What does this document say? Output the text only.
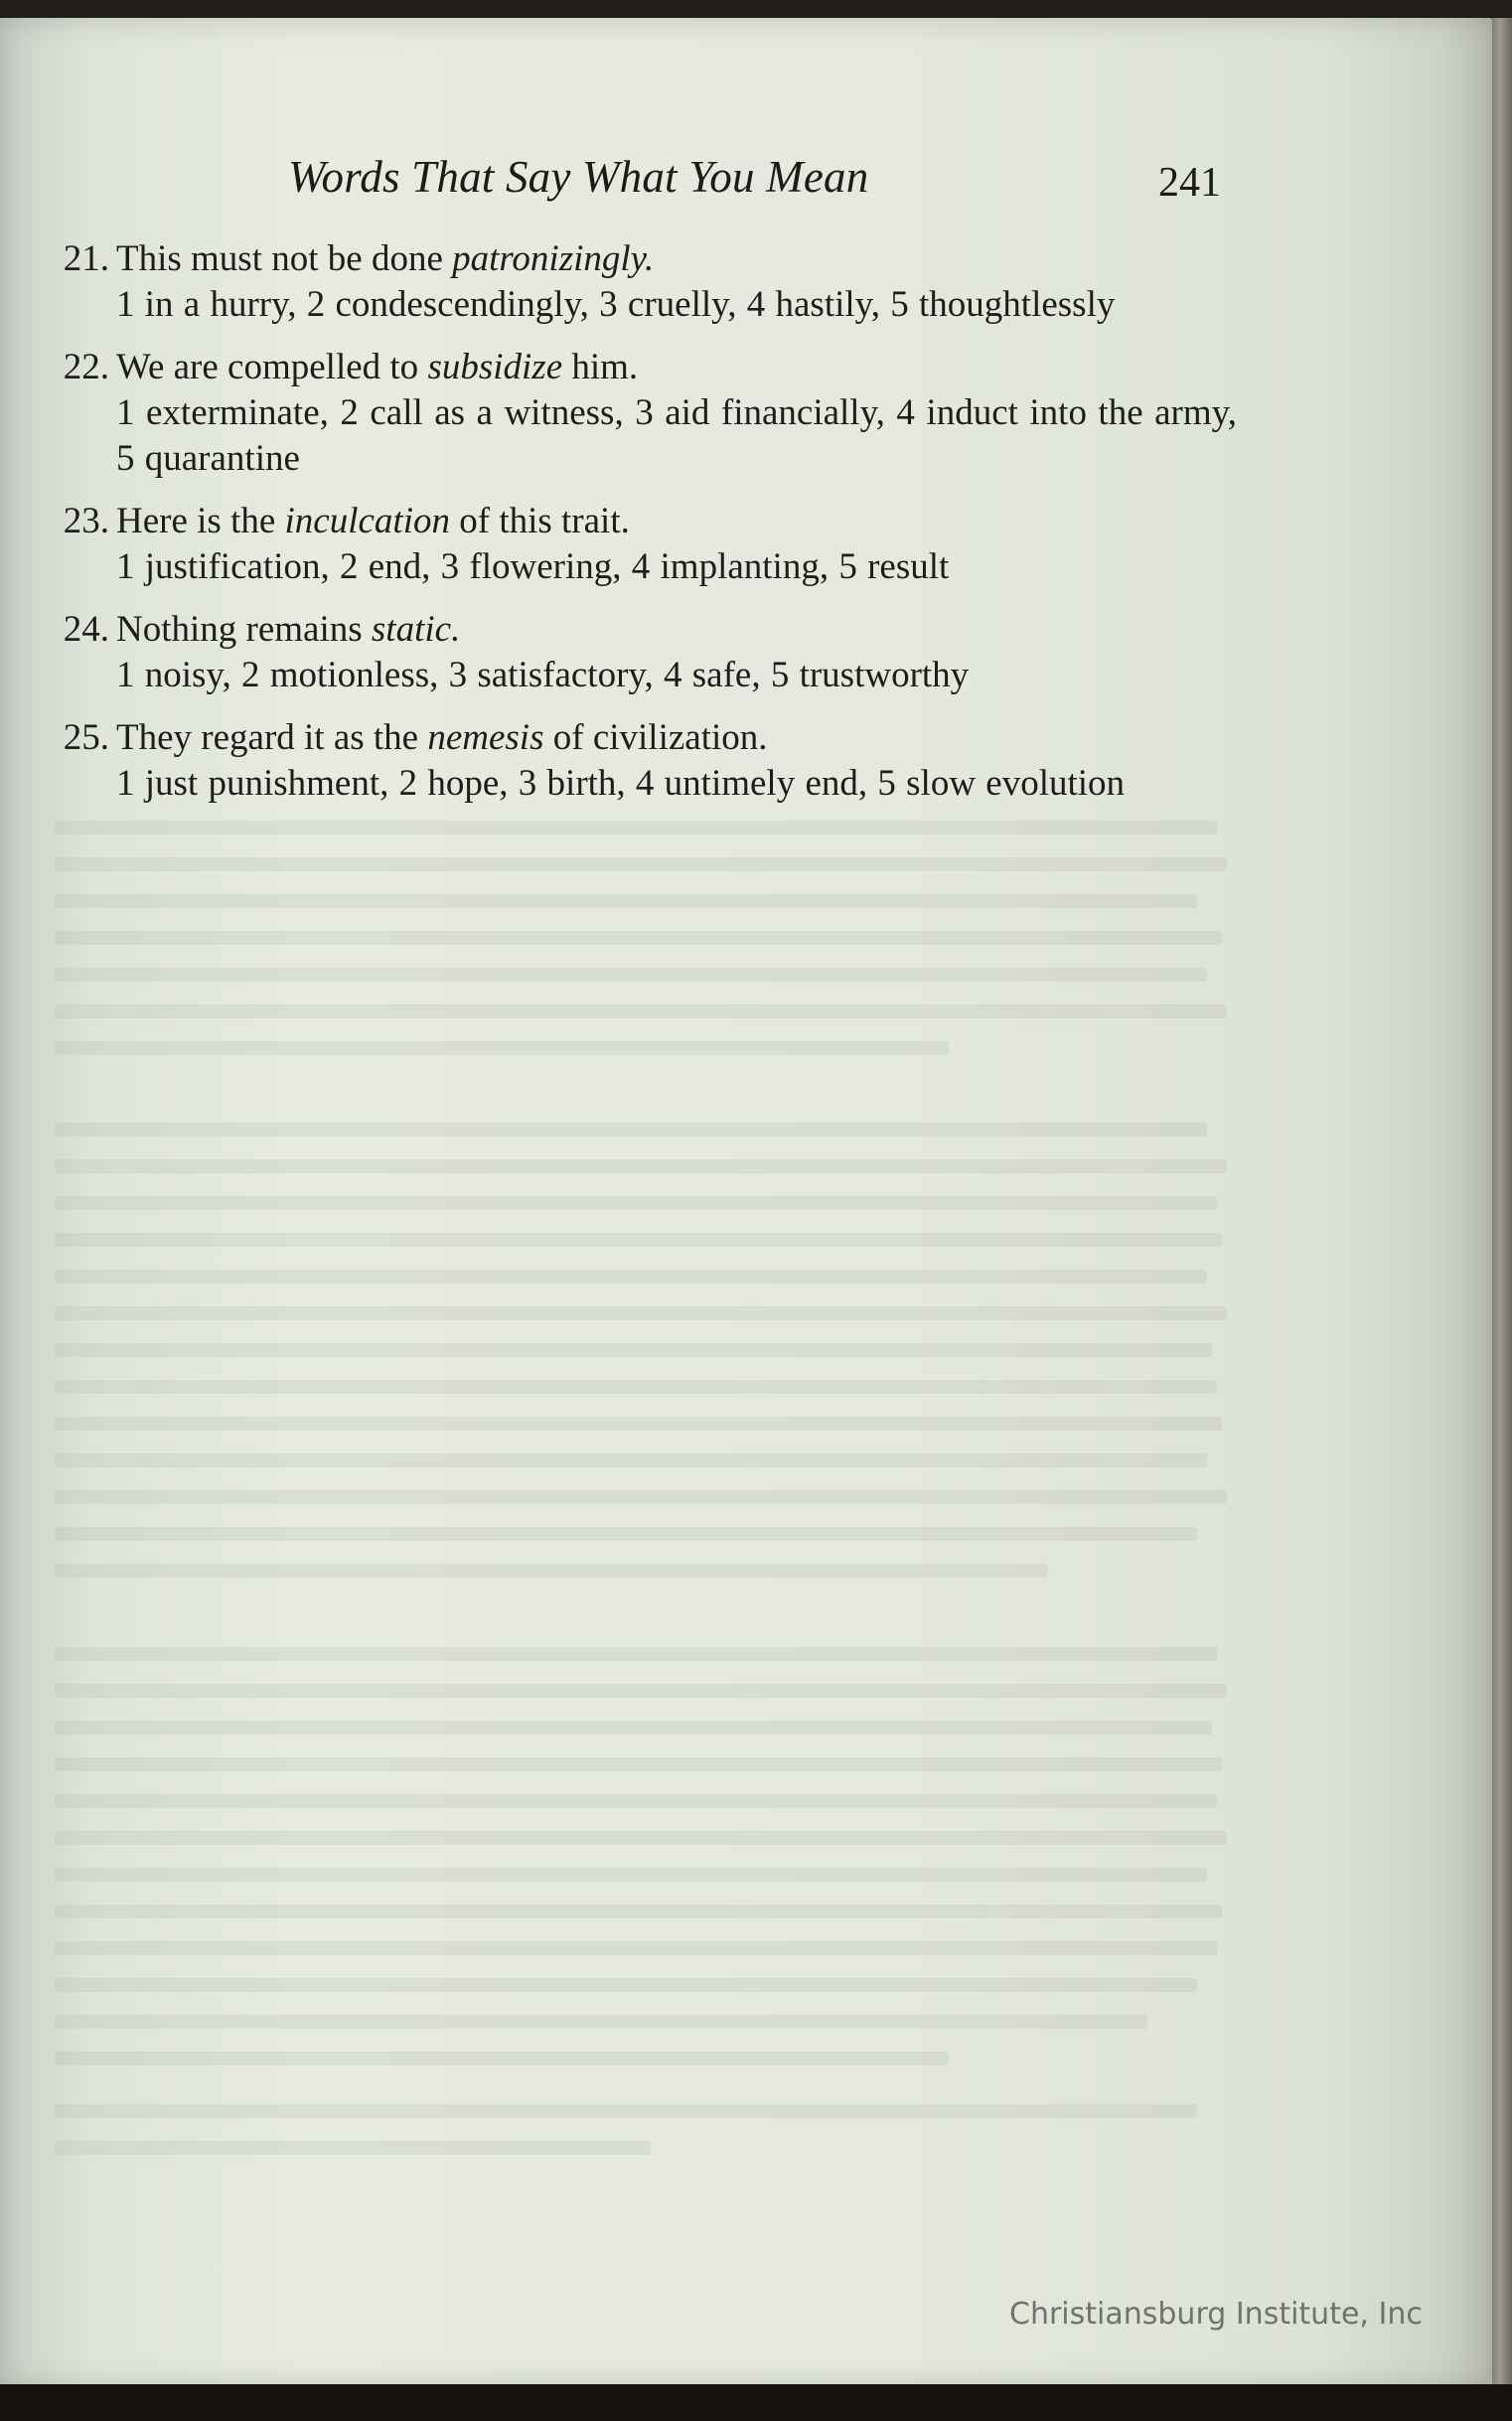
Words That Say What You Mean	241
21. This must not be done patronizingly.
1 in a hurry, 2 condescendingly, 3 cruelly, 4 hastily, 5 thoughtlessly
22. We are compelled to subsidize him.
1 exterminate, 2 call as a witness, 3 aid financially, 4 induct into the army, 5 quarantine
23. Here is the inculcation of this trait.
1 justification, 2 end, 3 flowering, 4 implanting, 5 result
24. Nothing remains static.
1 noisy, 2 motionless, 3 satisfactory, 4 safe, 5 trustworthy
25. They regard it as the nemesis of civilization.
1 just punishment, 2 hope, 3 birth, 4 untimely end, 5 slow evolution
Christiansburg Institute, Inc
